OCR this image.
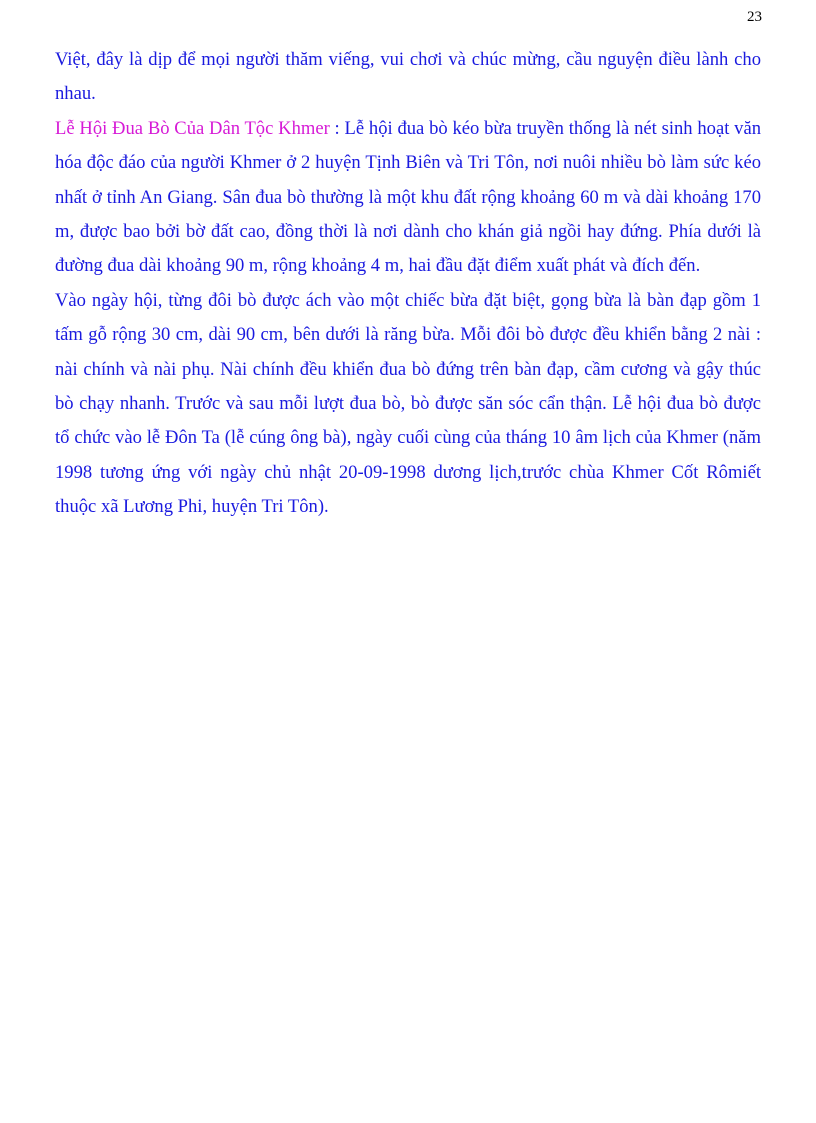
23

Việt, đây là dịp để mọi người thăm viếng, vui chơi và chúc mừng, cầu nguyện điều lành cho nhau.

Lễ Hội Đua Bò Của Dân Tộc Khmer : Lễ hội đua bò kéo bừa truyền thống là nét sinh hoạt văn hóa độc đáo của người Khmer ở 2 huyện Tịnh Biên và Tri Tôn, nơi nuôi nhiều bò làm sức kéo nhất ở tỉnh An Giang. Sân đua bò thường là một khu đất rộng khoảng 60 m và dài khoảng 170 m, được bao bởi bờ đất cao, đồng thời là nơi dành cho khán giả ngồi hay đứng. Phía dưới là đường đua dài khoảng 90 m, rộng khoảng 4 m, hai đầu đặt điểm xuất phát và đích đến.

Vào ngày hội, từng đôi bò được ách vào một chiếc bừa đặt biệt, gọng bừa là bàn đạp gồm 1 tấm gỗ rộng 30 cm, dài 90 cm, bên dưới là răng bừa. Mỗi đôi bò được đều khiển bằng 2 nài : nài chính và nài phụ. Nài chính đều khiển đua bò đứng trên bàn đạp, cầm cương và gậy thúc bò chạy nhanh. Trước và sau mỗi lượt đua bò, bò được săn sóc cẩn thận. Lễ hội đua bò được tổ chức vào lễ Đôn Ta (lễ cúng ông bà), ngày cuối cùng của tháng 10 âm lịch của Khmer (năm 1998 tương ứng với ngày chủ nhật 20-09-1998 dương lịch,trước chùa Khmer Cốt Rômiết thuộc xã Lương Phi, huyện Tri Tôn).
